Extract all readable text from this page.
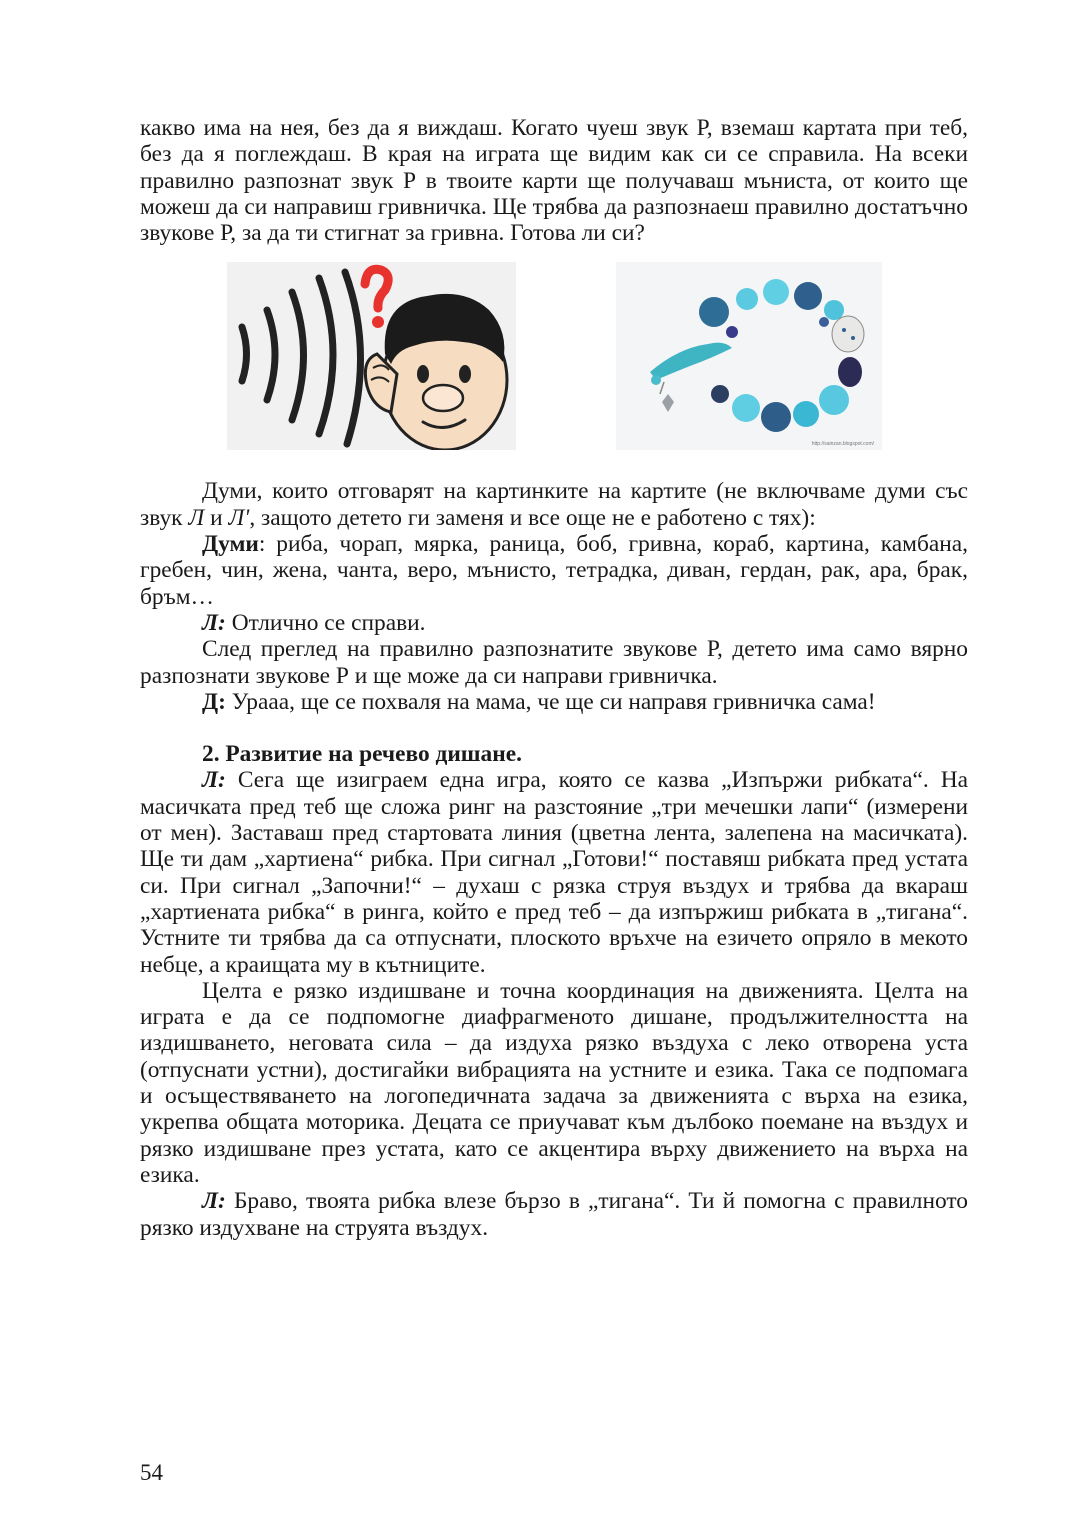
какво има на нея, без да я виждаш. Когато чуеш звук Р, вземаш картата при теб, без да я поглеждаш. В края на играта ще видим как си се справила. На всеки правилно разпознат звук Р в твоите карти ще получаваш мъниста, от които ще можеш да си направиш гривничка. Ще трябва да разпознаеш правилно достатъчно звукове Р, за да ти стигнат за гривна. Готова ли си?

http://sainzan.blogspot.com/

Думи, които отговарят на картинките на картите (не включваме думи със звук Л и Л', защото детето ги заменя и все още не е работено с тях):

Думи: риба, чорап, мярка, раница, боб, гривна, кораб, картина, камбана, гребен, чин, жена, чанта, веро, мънисто, тетрадка, диван, гердан, рак, ара, брак, бръм…

Л: Отлично се справи.

След преглед на правилно разпознатите звукове Р, детето има само вярно разпознати звукове Р и ще може да си направи гривничка.

Д: Урааа, ще се похваля на мама, че ще си направя гривничка сама!

2. Развитие на речево дишане.

Л: Сега ще изиграем една игра, която се казва „Изпържи рибката“. На масичката пред теб ще сложа ринг на разстояние „три мечешки лапи“ (измерени от мен). Заставаш пред стартовата линия (цветна лента, залепена на масичката). Ще ти дам „хартиена“ рибка. При сигнал „Готови!“ поставяш рибката пред устата си. При сигнал „Започни!“ – духаш с рязка струя въздух и трябва да вкараш „хартиената рибка“ в ринга, който е пред теб – да изпържиш рибката в „тигана“. Устните ти трябва да са отпуснати, плоското връхче на езичето опряло в мекото небце, а краищата му в кътниците.

Целта е рязко издишване и точна координация на движенията. Целта на играта е да се подпомогне диафрагменото дишане, продължителността на издишването, неговата сила – да издуха рязко въздуха с леко отворена уста (отпуснати устни), достигайки вибрацията на устните и езика. Така се подпомага и осъществяването на логопедичната задача за движенията с върха на езика, укрепва общата моторика. Децата се приучават към дълбоко поемане на въздух и рязко издишване през устата, като се акцентира върху движението на върха на езика.

Л: Браво, твоята рибка влезе бързо в „тигана“. Ти й помогна с правилното рязко издухване на струята въздух.

54
